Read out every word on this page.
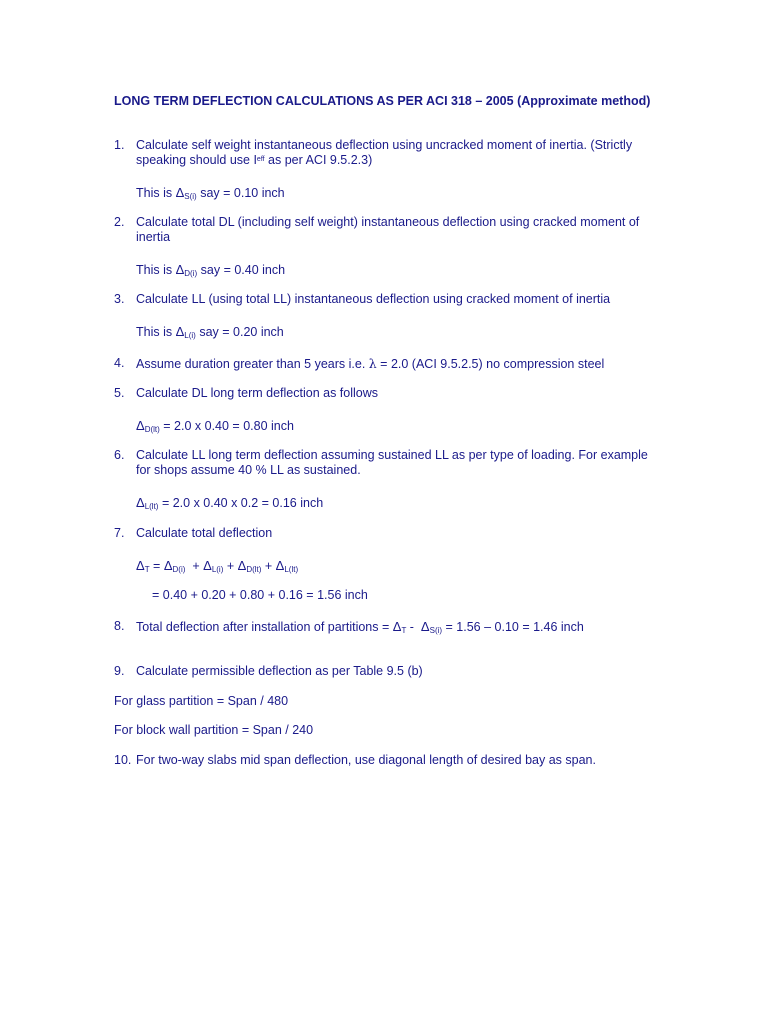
LONG TERM DEFLECTION CALCULATIONS AS PER ACI 318 – 2005 (Approximate method)
1. Calculate self weight instantaneous deflection using uncracked moment of inertia. (Strictly
speaking should use $I^{eff}$ as per ACI 9.5.2.3)
This is $\Delta_{S(i)}$ say = 0.10 inch
2. Calculate total DL (including self weight) instantaneous deflection using cracked moment of
inertia
This is $\Delta_{D(i)}$ say = 0.40 inch
3. Calculate LL (using total LL) instantaneous deflection using cracked moment of inertia
This is $\Delta_{L(i)}$ say = 0.20 inch
4. Assume duration greater than 5 years i.e. λ = 2.0 (ACI 9.5.2.5) no compression steel
5. Calculate DL long term deflection as follows
$\Delta_{D(lt)} = 2.0$ x 0.40 = 0.80 inch
6. Calculate LL long term deflection assuming sustained LL as per type of loading. For example
for shops assume 40 % LL as sustained.
$\Delta_{L(lt)} = 2.0$ x 0.40 x 0.2 = 0.16 inch
7. Calculate total deflection
$\Delta_T = \Delta_{D(i)} + \Delta_{L(i)} + \Delta_{D(lt)} + \Delta_{L(lt)}$
= 0.40 + 0.20 + 0.80 + 0.16 = 1.56 inch
8. Total deflection after installation of partitions = $\Delta_T - \Delta_{S(i)} = 1.56 - 0.10 = 1.46$ inch
9. Calculate permissible deflection as per Table 9.5 (b)
For glass partition = Span / 480
For block wall partition = Span / 240
10. For two-way slabs mid span deflection, use diagonal length of desired bay as span.
